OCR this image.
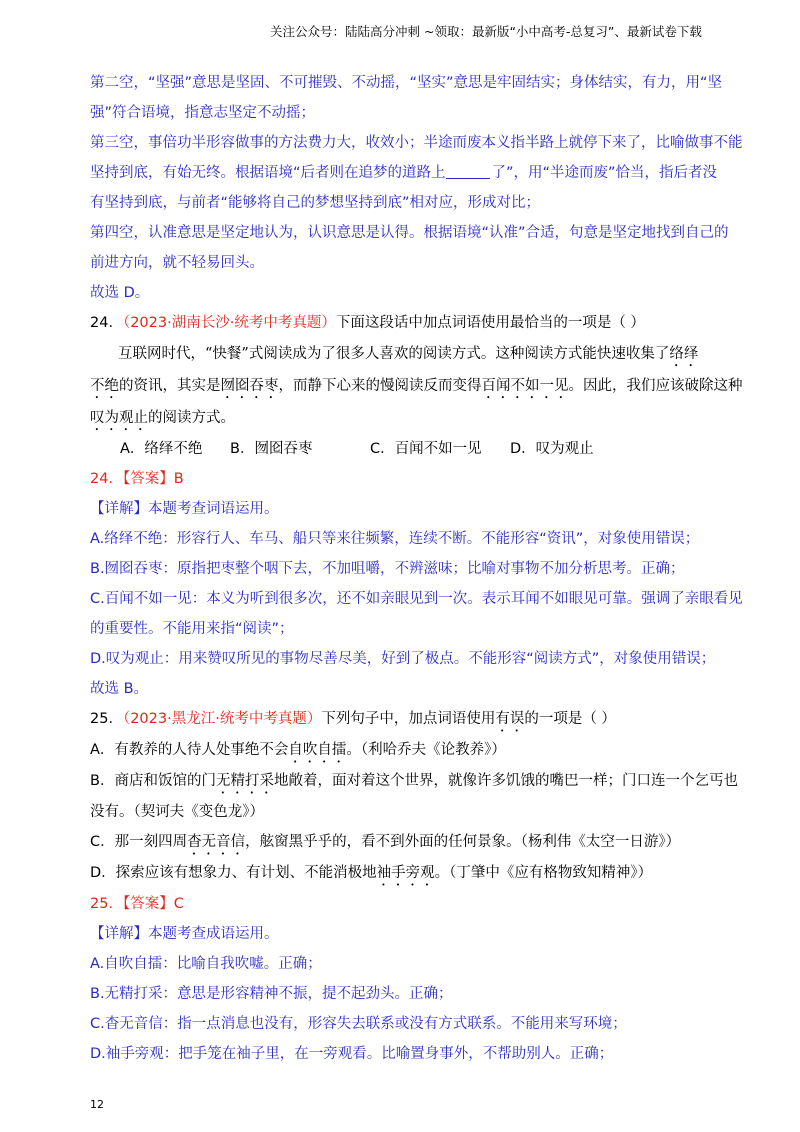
关注公众号：陆陆高分冲刺 ~领取：最新版“小中高考-总复习”、最新试卷下载

第二空，“坚强”意思是坚固、不可摧毁、不动摇，“坚实”意思是牢固结实；身体结实，有力，用“坚

强”符合语境，指意志坚定不动摇；

第三空，事倍功半形容做事的方法费力大，收效小；半途而废本义指半路上就停下来了，比喻做事不能

坚持到底，有始无终。根据语境“后者则在追梦的道路上	了”，用“半途而废”恰当，指后者没

有坚持到底，与前者“能够将自己的梦想坚持到底”相对应，形成对比；

第四空，认准意思是坚定地认为，认识意思是认得。根据语境“认准”合适，句意是坚定地找到自己的

前进方向，就不轻易回头。

故选 D。

24．（2023·湖南长沙·统考中考真题）下面这段话中加点词语使用最恰当的一项是（ ）

互联网时代，“快餐”式阅读成为了很多人喜欢的阅读方式。这种阅读方式能快速收集了络绎

不绝的资讯，其实是囫囵吞枣，而静下心来的慢阅读反而变得百闻不如一见。因此，我们应该破除这种

叹为观止的阅读方式。

A．络绎不绝 B．囫囵吞枣	C．百闻不如一见 D．叹为观止

24．【答案】B

【详解】本题考查词语运用。

A.络绎不绝：形容行人、车马、船只等来往频繁，连续不断。不能形容“资讯”，对象使用错误；

B.囫囵吞枣：原指把枣整个咽下去，不加咀嚼，不辨滋味；比喻对事物不加分析思考。正确；

C.百闻不如一见：本义为听到很多次，还不如亲眼见到一次。表示耳闻不如眼见可靠。强调了亲眼看见

的重要性。不能用来指“阅读”；

D.叹为观止：用来赞叹所见的事物尽善尽美，好到了极点。不能形容“阅读方式”，对象使用错误；

故选 B。

25．（2023·黑龙江·统考中考真题）下列句子中，加点词语使用有误的一项是（ ）

A．有教养的人待人处事绝不会自吹自擂。（利哈乔夫《论教养》）

B．商店和饭馆的门无精打采地敞着，面对着这个世界，就像许多饥饿的嘴巴一样；门口连一个乞丐也

没有。（契诃夫《变色龙》）

C．那一刻四周杳无音信，舷窗黑乎乎的，看不到外面的任何景象。（杨利伟《太空一日游》）

D．探索应该有想象力、有计划、不能消极地袖手旁观。（丁肇中《应有格物致知精神》）

25．【答案】C

【详解】本题考查成语运用。

A.自吹自擂：比喻自我吹嘘。正确；

B.无精打采：意思是形容精神不振，提不起劲头。正确；

C.杳无音信：指一点消息也没有，形容失去联系或没有方式联系。不能用来写环境；

D.袖手旁观：把手笼在袖子里，在一旁观看。比喻置身事外，不帮助别人。正确；

12
